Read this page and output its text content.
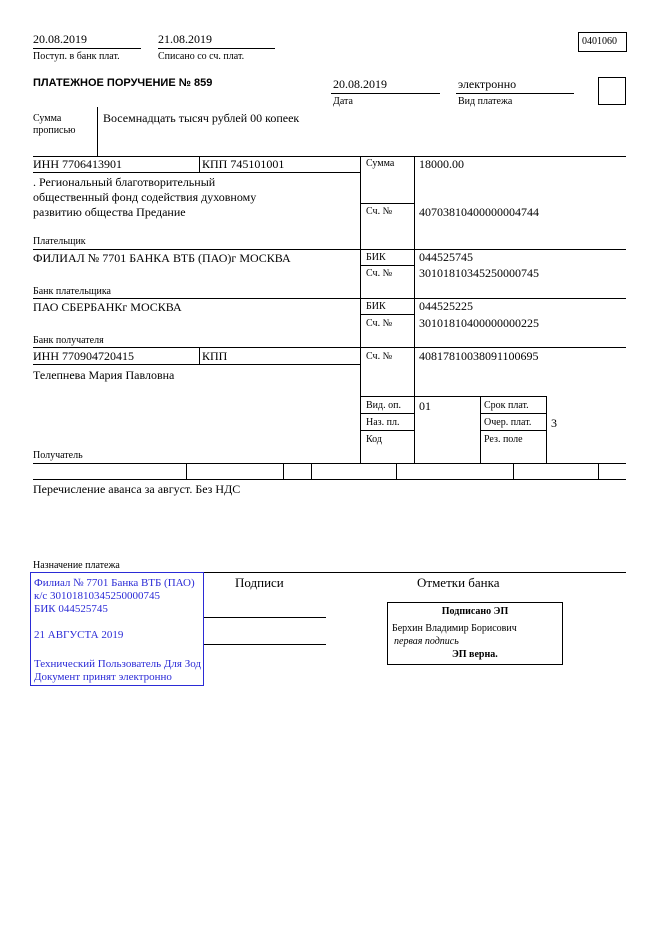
20.08.2019
Поступ. в банк плат.
21.08.2019
Списано со сч. плат.
0401060
ПЛАТЕЖНОЕ ПОРУЧЕНИЕ № 859	20.08.2019
Дата
электронно
Вид платежа
Сумма
прописью
Восемнадцать тысяч рублей 00 копеек
ИНН 7706413901	КПП 745101001	Сумма 18000.00
. Региональный благотворительный
общественный фонд содействия духовному
развитию общества Предание	Сч. № 40703810400000004744
Плательщик
ФИЛИАЛ № 7701 БАНКА ВТБ (ПАО)г МОСКВА	БИК	044525745
Сч. № 30101810345250000745
Банк плательщика
ПАО СБЕРБАНКг МОСКВА	БИК	044525225
Сч. № 30101810400000000225
Банк получателя
ИНН 770904720415	КПП	Сч. № 40817810038091100695
Телепнева Мария Павловна
Получатель
Вид. оп. 01	Срок плат.
Наз. пл.	Очер. плат. 3
Код	Рез. поле
Перечисление аванса за август. Без НДС
Назначение платежа
Подписи	Отметки банка
Филиал № 7701 Банка ВТБ (ПАО)
к/с 30101810345250000745
БИК 044525745
21 АВГУСТА 2019
Технический Пользователь Для Зод
Документ принят электронно
Подписано ЭП
Берхин Владимир Борисович
первая подпись
ЭП верна.
